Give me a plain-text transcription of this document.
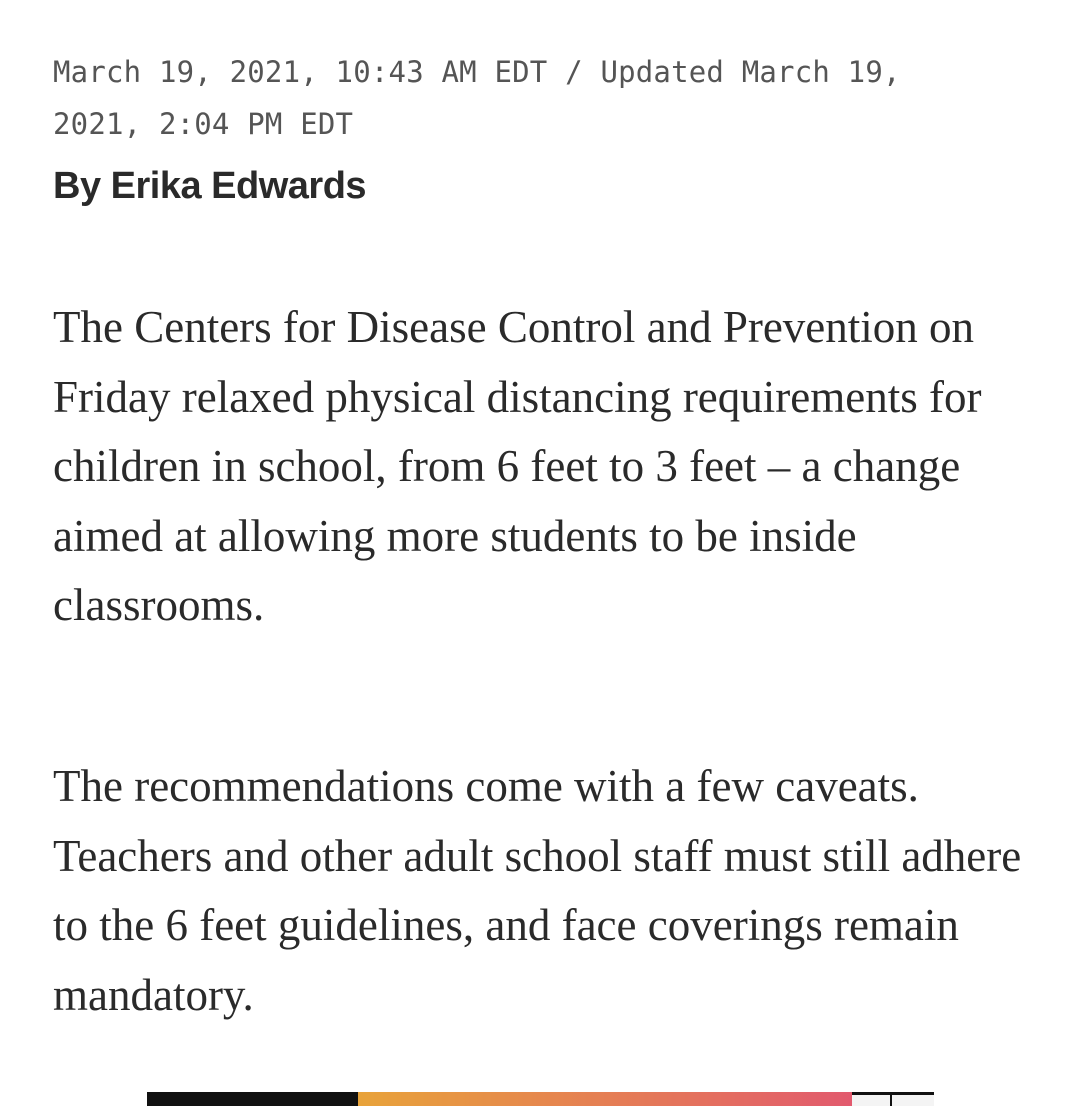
March 19, 2021, 10:43 AM EDT / Updated March 19,
2021, 2:04 PM EDT
By Erika Edwards

The Centers for Disease Control and Prevention on Friday relaxed physical distancing requirements for children in school, from 6 feet to 3 feet – a change aimed at allowing more students to be inside classrooms.

The recommendations come with a few caveats. Teachers and other adult school staff must still adhere to the 6 feet guidelines, and face coverings remain mandatory.
